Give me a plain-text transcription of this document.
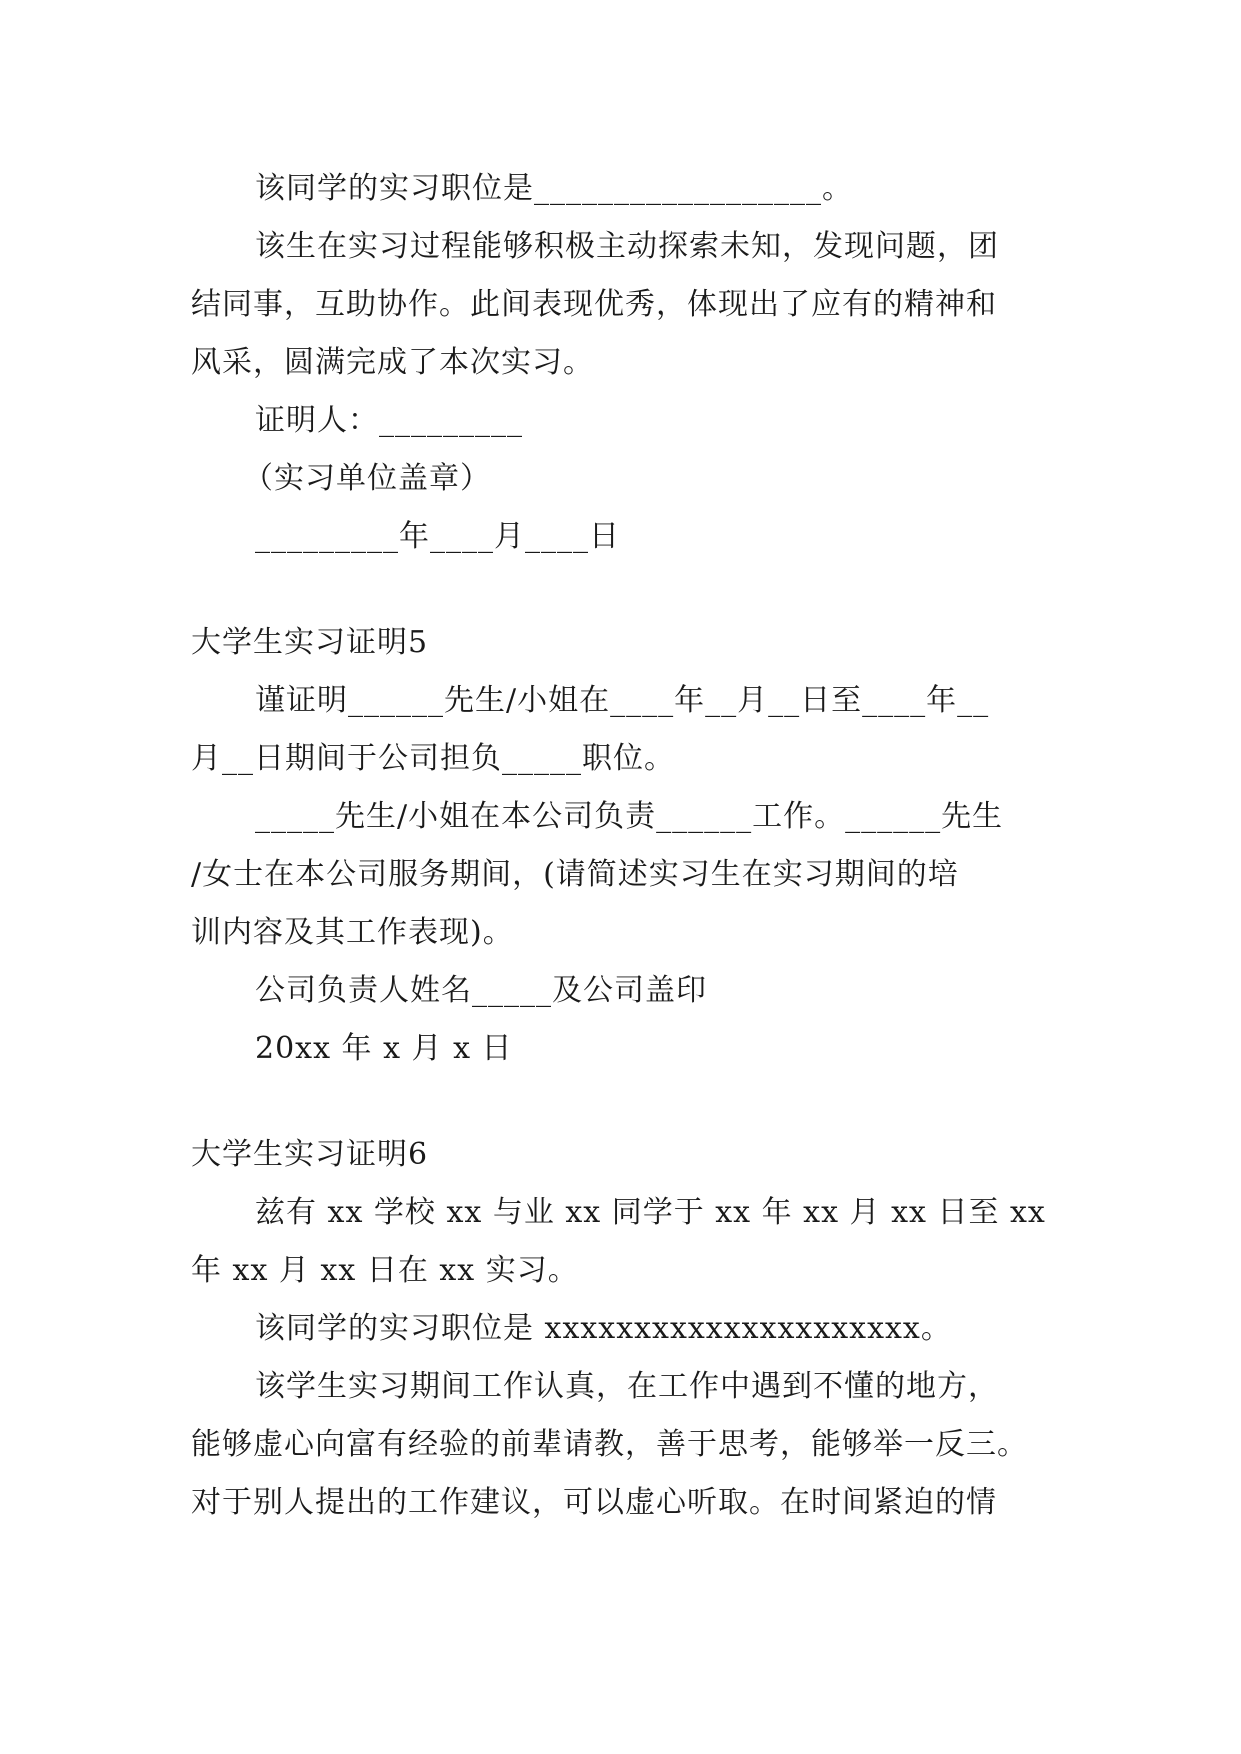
该同学的实习职位是__________________。
该生在实习过程能够积极主动探索未知，发现问题，团
结同事，互助协作。此间表现优秀，体现出了应有的精神和
风采，圆满完成了本次实习。
证明人：_________
（实习单位盖章）
_________年____月____日
大学生实习证明5
谨证明______先生/小姐在____年__月__日至____年__
月__日期间于公司担负_____职位。
_____先生/小姐在本公司负责______工作。______先生
/女士在本公司服务期间，(请简述实习生在实习期间的培
训内容及其工作表现)。
公司负责人姓名_____及公司盖印
20xx 年 x 月 x 日
大学生实习证明6
兹有 xx 学校 xx 与业 xx 同学于 xx 年 xx 月 xx 日至 xx
年 xx 月 xx 日在 xx 实习。
该同学的实习职位是 xxxxxxxxxxxxxxxxxxxxx。
该学生实习期间工作认真，在工作中遇到不懂的地方，
能够虚心向富有经验的前辈请教，善于思考，能够举一反三。
对于别人提出的工作建议，可以虚心听取。在时间紧迫的情
